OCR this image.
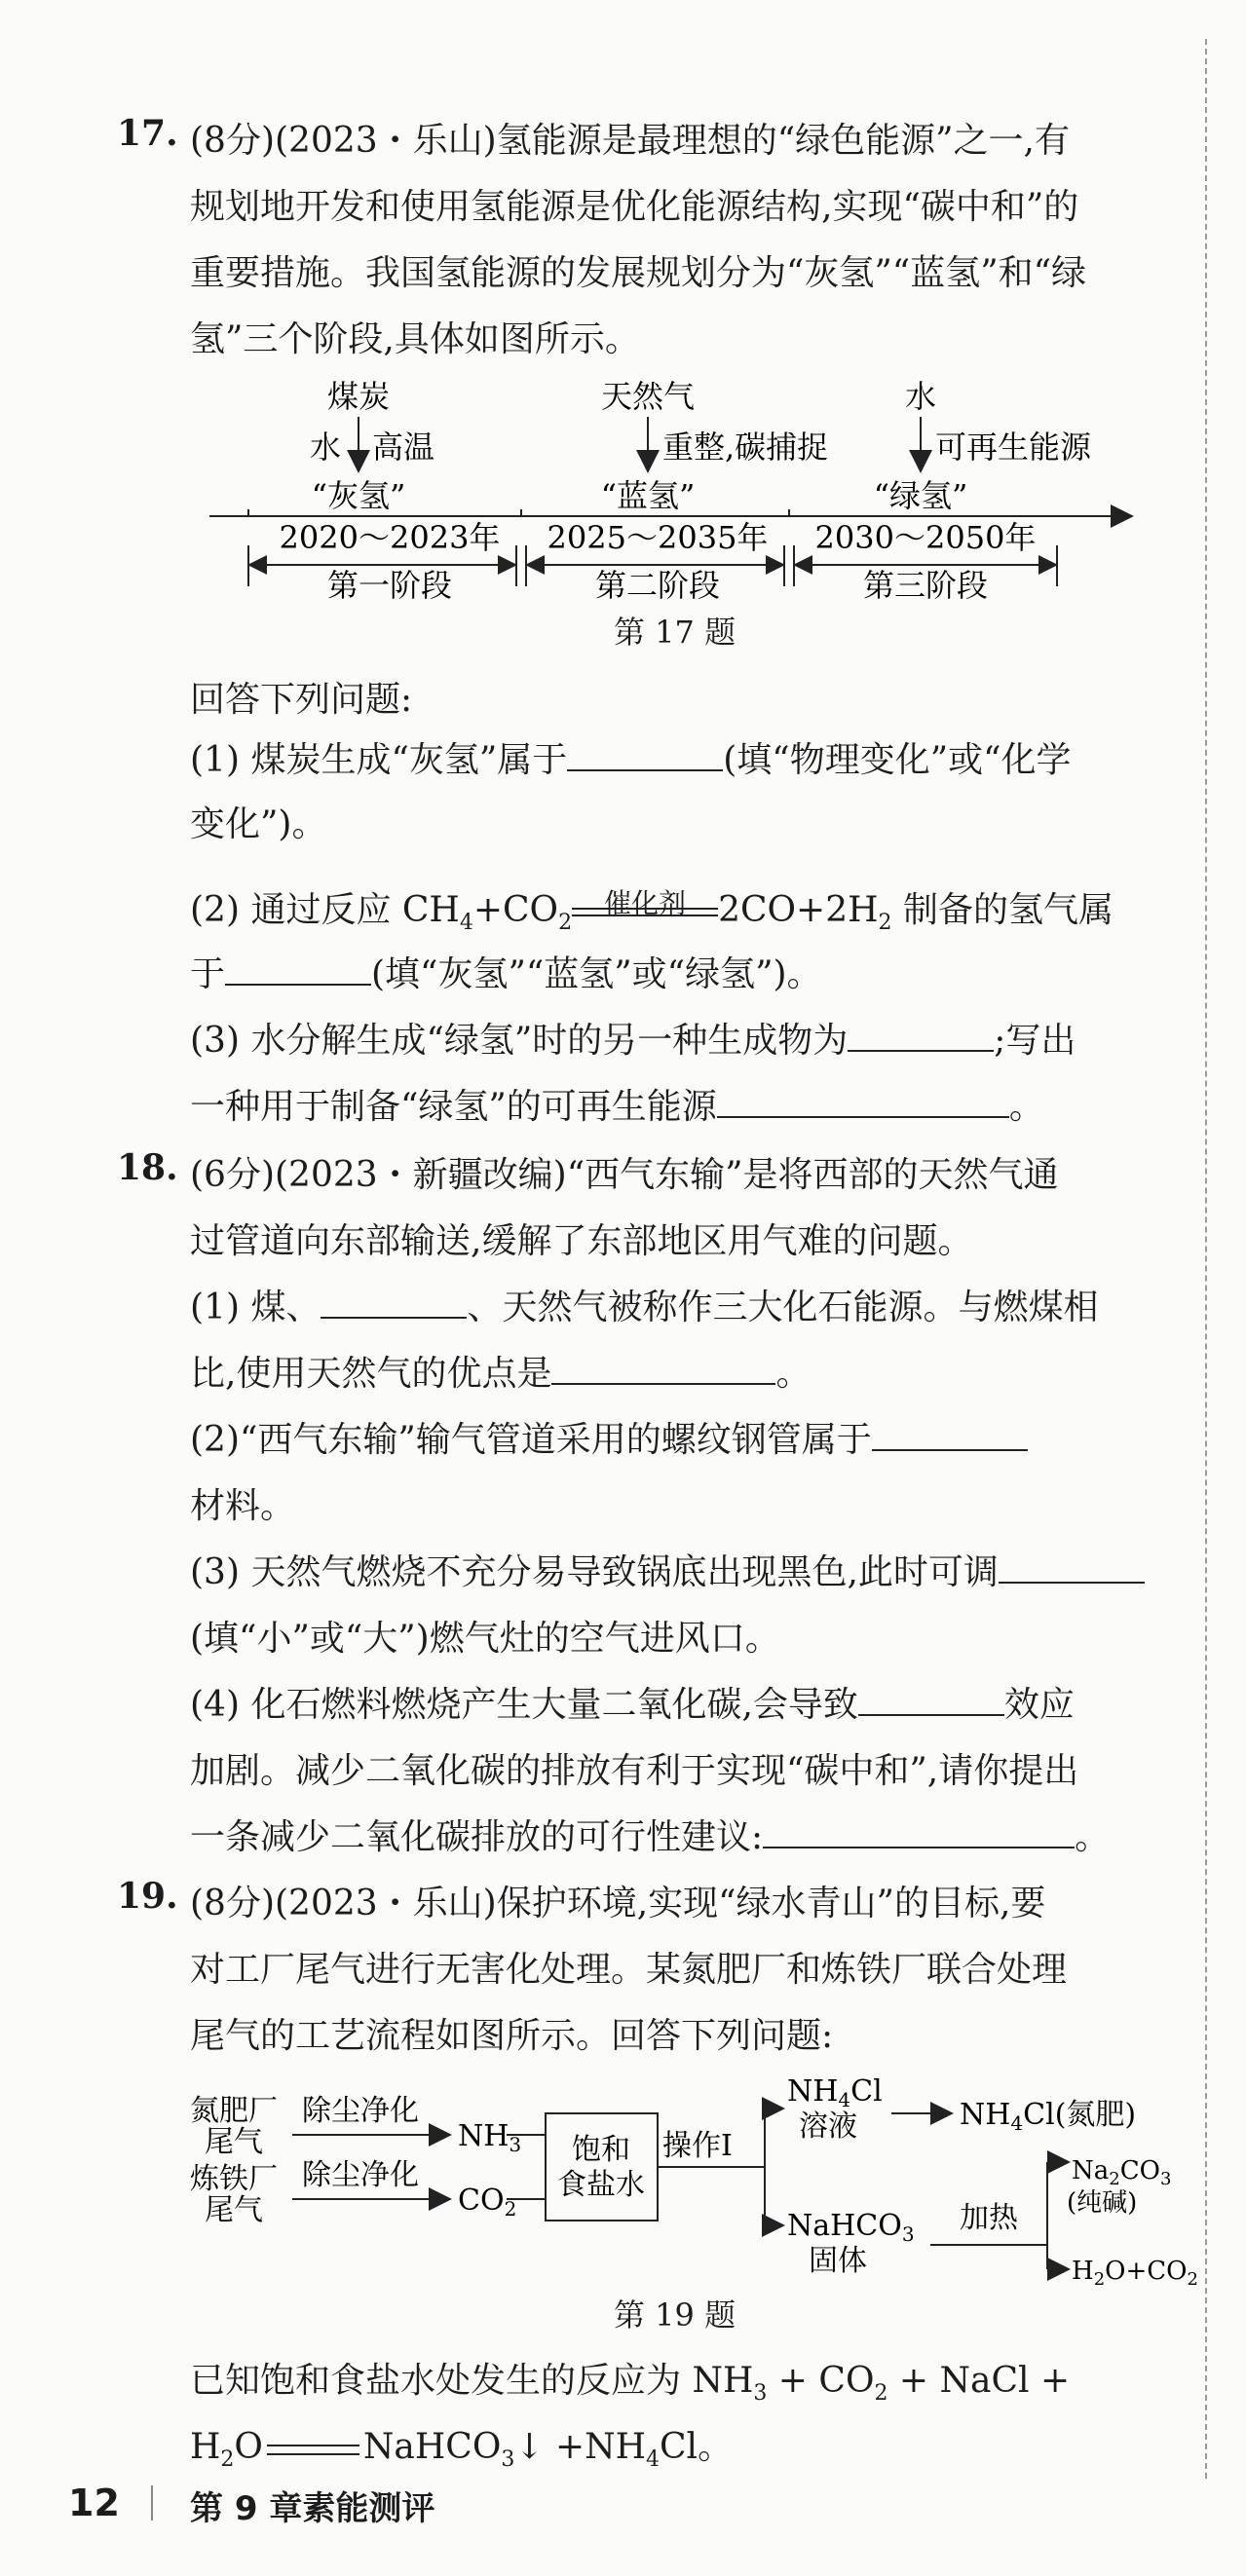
17. (8分)(2023・乐山)氢能源是最理想的“绿色能源”之一,有
规划地开发和使用氢能源是优化能源结构,实现“碳中和”的
重要措施。我国氢能源的发展规划分为“灰氢”“蓝氢”和“绿
氢”三个阶段,具体如图所示。
煤炭
水 高温
“灰氢”
天然气
重整,碳捕捉
“蓝氢”
水
可再生能源
“绿氢”
2020～2023年 2025～2035年 2030～2050年
第一阶段	第二阶段	第三阶段
第 17 题
回答下列问题:
(1) 煤炭生成“灰氢”属于	(填“物理变化”或“化学
变化”)。
(2) 通过反应 $CH_4+CO_2$
催化剂 $2CO+2H_2$ 制备的氢气属
于	(填“灰氢”“蓝氢”或“绿氢”)。
(3) 水分解生成“绿氢”时的另一种生成物为	;写出
一种用于制备“绿氢”的可再生能源	。
18. (6分)(2023・新疆改编)“西气东输”是将西部的天然气通
过管道向东部输送,缓解了东部地区用气难的问题。
(1) 煤、	、天然气被称作三大化石能源。与燃煤相
比,使用天然气的优点是	。
(2)“西气东输”输气管道采用的螺纹钢管属于
材料。
(3) 天然气燃烧不充分易导致锅底出现黑色,此时可调
(填“小”或“大”)燃气灶的空气进风口。
(4) 化石燃料燃烧产生大量二氧化碳,会导致	效应
加剧。减少二氧化碳的排放有利于实现“碳中和”,请你提出
一条减少二氧化碳排放的可行性建议:	。
19. (8分)(2023・乐山)保护环境,实现“绿水青山”的目标,要
对工厂尾气进行无害化处理。某氮肥厂和炼铁厂联合处理
尾气的工艺流程如图所示。回答下列问题:
氮肥厂
尾气
炼铁厂
尾气
除尘净化
除尘净化
$NH_3$
$CO_2$
饱和
食盐水
操作Ⅰ
$NH_4Cl$
溶液	$NH_4Cl$(氮肥)
NaHCO$_3$
固体
加热
$Na_2CO_3$
(纯碱)
$H_2O+CO_2$
第 19 题
已知饱和食盐水处发生的反应为 $NH_3 + CO_2$ + NaCl +
$H_2O$	NaHCO$_3$↓ $+NH_4Cl$。
12 第 9 章素能测评
